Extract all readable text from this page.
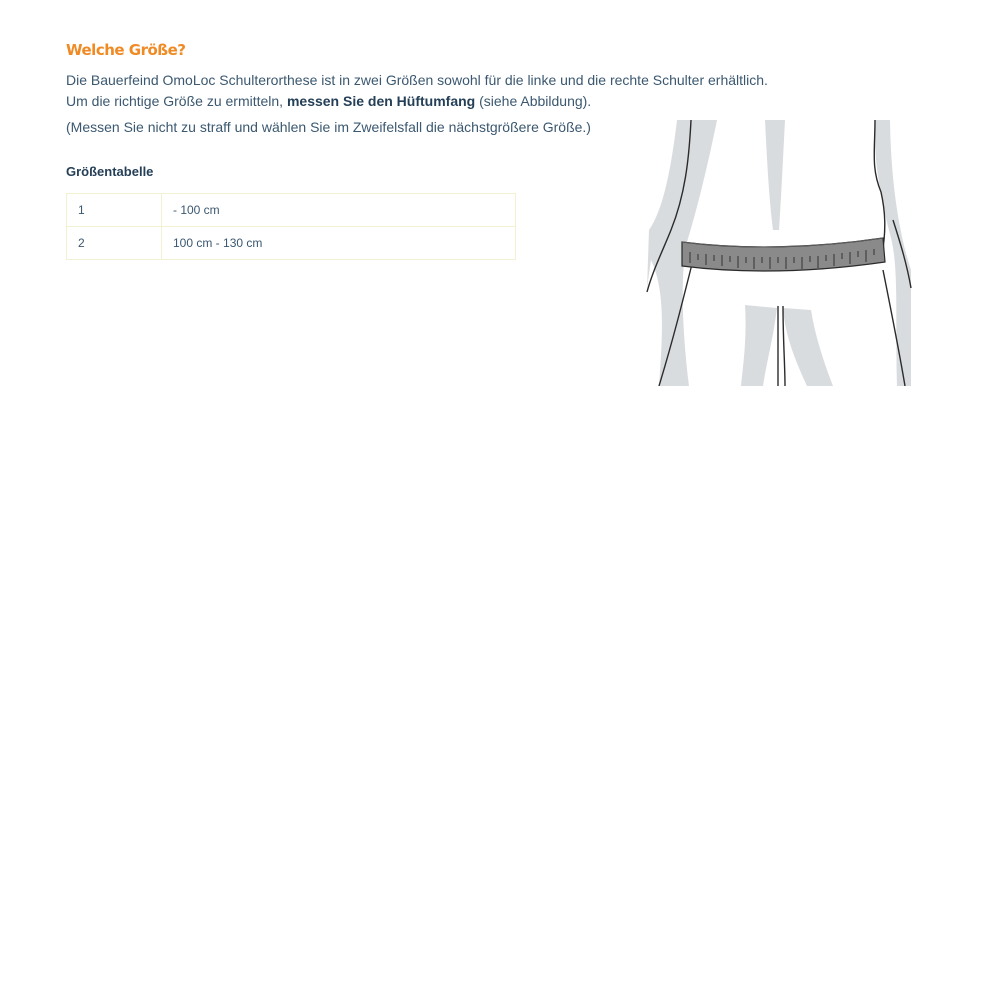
Welche Größe?

Die Bauerfeind OmoLoc Schulterorthese ist in zwei Größen sowohl für die linke und die rechte Schulter erhältlich.
Um die richtige Größe zu ermitteln, messen Sie den Hüftumfang (siehe Abbildung).

(Messen Sie nicht zu straff und wählen Sie im Zweifelsfall die nächstgrößere Größe.)

Größentabelle
1	- 100 cm
2	100 cm - 130 cm
